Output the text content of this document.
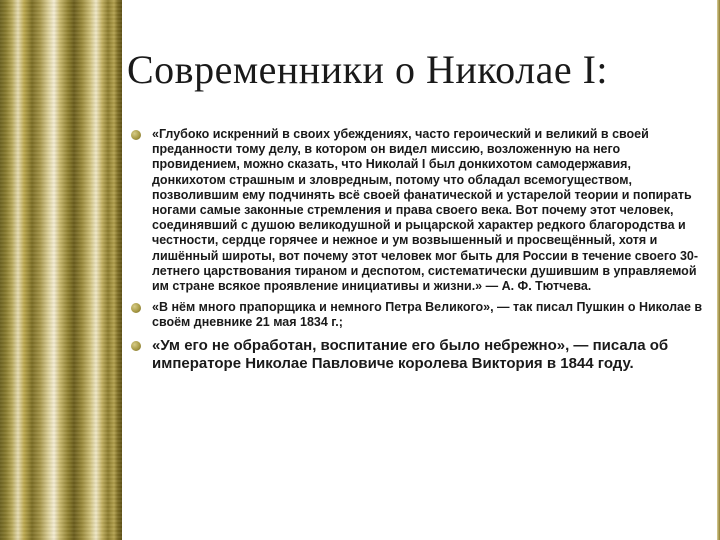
Современники о Николае I:
«Глубоко искренний в своих убеждениях, часто героический и великий в своей преданности тому делу, в котором он видел миссию, возложенную на него провидением, можно сказать, что Николай I был донкихотом самодержавия, донкихотом страшным и зловредным, потому что обладал всемогуществом, позволившим ему подчинять всё своей фанатической и устарелой теории и попирать ногами самые законные стремления и права своего века. Вот почему этот человек, соединявший с душою великодушной и рыцарской характер редкого благородства и честности, сердце горячее и нежное и ум возвышенный и просвещённый, хотя и лишённый широты, вот почему этот человек мог быть для России в течение своего 30-летнего царствования тираном и деспотом, систематически душившим в управляемой им стране всякое проявление инициативы и жизни.» — А. Ф. Тютчева.
«В нём много прапорщика и немного Петра Великого», — так писал Пушкин о Николае в своём дневнике 21 мая 1834 г.;
«Ум его не обработан, воспитание его было небрежно», — писала об императоре Николае Павловиче королева Виктория в 1844 году.
